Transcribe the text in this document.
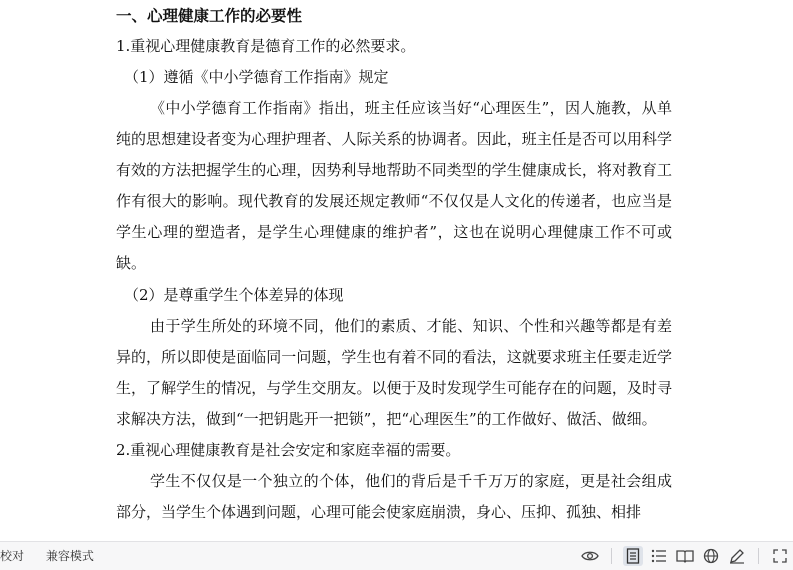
一、心理健康工作的必要性

1.重视心理健康教育是德育工作的必然要求。

（1）遵循《中小学德育工作指南》规定

《中小学德育工作指南》指出，班主任应该当好“心理医生”，因人施教，从单纯的思想建设者变为心理护理者、人际关系的协调者。因此，班主任是否可以用科学有效的方法把握学生的心理，因势利导地帮助不同类型的学生健康成长，将对教育工作有很大的影响。现代教育的发展还规定教师“不仅仅是人文化的传递者，也应当是学生心理的塑造者，是学生心理健康的维护者”，这也在说明心理健康工作不可或缺。

（2）是尊重学生个体差异的体现

由于学生所处的环境不同，他们的素质、才能、知识、个性和兴趣等都是有差异的，所以即使是面临同一问题，学生也有着不同的看法，这就要求班主任要走近学生，了解学生的情况，与学生交朋友。以便于及时发现学生可能存在的问题，及时寻求解决方法，做到“一把钥匙开一把锁”，把“心理医生”的工作做好、做活、做细。

2.重视心理健康教育是社会安定和家庭幸福的需要。

学生不仅仅是一个独立的个体，他们的背后是千千万万的家庭，更是社会组成部分，当学生个体遇到问题，心理可能会使家庭崩溃，身心、压抑、孤独、相排

校对 兼容模式
